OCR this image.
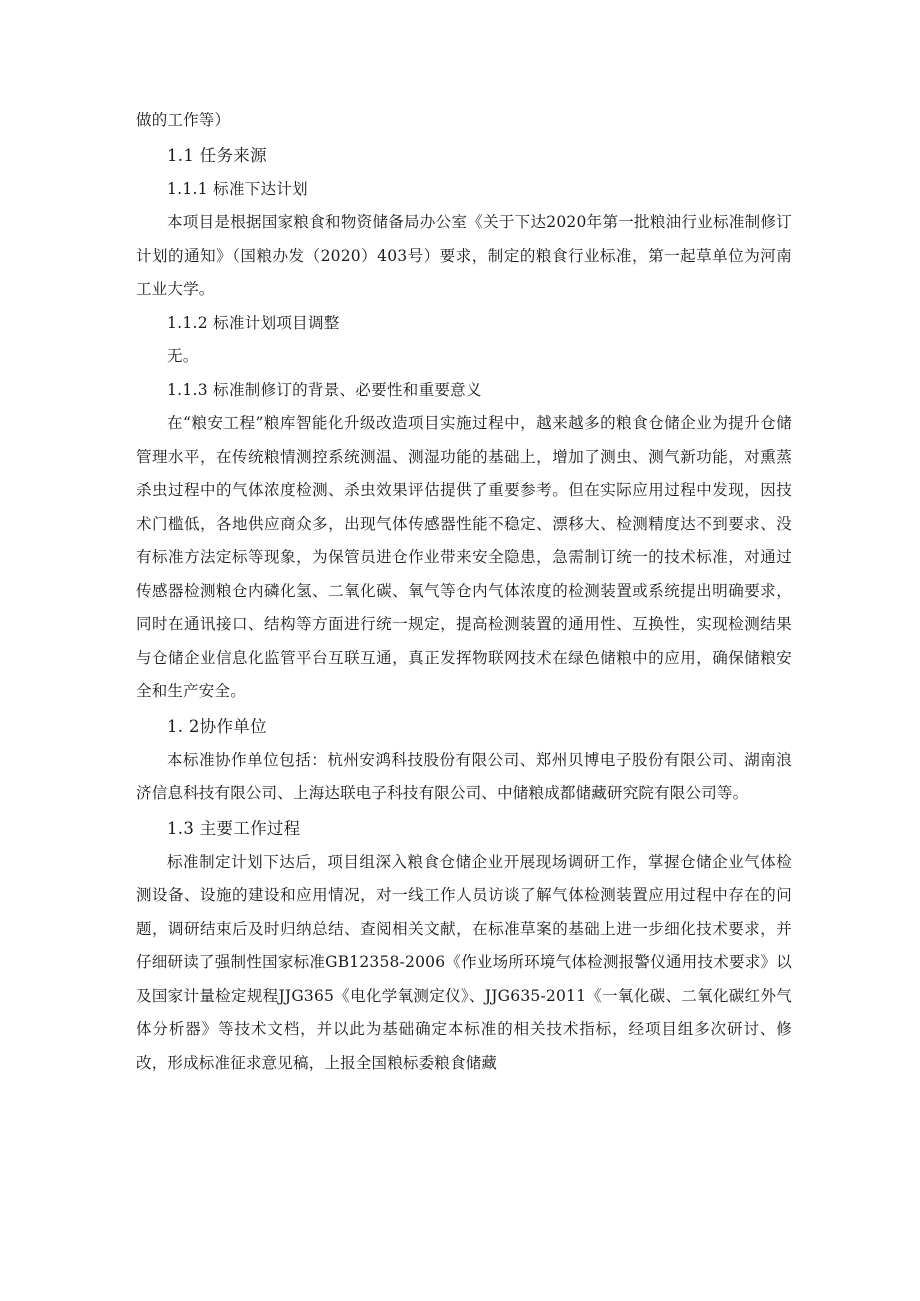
做的工作等）

1.1 任务来源

1.1.1 标准下达计划

本项目是根据国家粮食和物资储备局办公室《关于下达2020年第一批粮油行业标准制修订计划的通知》（国粮办发（2020）403号）要求，制定的粮食行业标准，第一起草单位为河南工业大学。

1.1.2 标准计划项目调整

无。

1.1.3 标准制修订的背景、必要性和重要意义

在“粮安工程”粮库智能化升级改造项目实施过程中，越来越多的粮食仓储企业为提升仓储管理水平，在传统粮情测控系统测温、测湿功能的基础上，增加了测虫、测气新功能，对熏蒸杀虫过程中的气体浓度检测、杀虫效果评估提供了重要参考。但在实际应用过程中发现，因技术门槛低，各地供应商众多，出现气体传感器性能不稳定、漂移大、检测精度达不到要求、没有标准方法定标等现象，为保管员进仓作业带来安全隐患，急需制订统一的技术标准，对通过传感器检测粮仓内磷化氢、二氧化碳、氧气等仓内气体浓度的检测装置或系统提出明确要求，同时在通讯接口、结构等方面进行统一规定，提高检测装置的通用性、互换性，实现检测结果与仓储企业信息化监管平台互联互通，真正发挥物联网技术在绿色储粮中的应用，确保储粮安全和生产安全。

1. 2协作单位

本标准协作单位包括：杭州安鸿科技股份有限公司、郑州贝博电子股份有限公司、湖南浪济信息科技有限公司、上海达联电子科技有限公司、中储粮成都储藏研究院有限公司等。

1.3 主要工作过程

标准制定计划下达后，项目组深入粮食仓储企业开展现场调研工作，掌握仓储企业气体检测设备、设施的建设和应用情况，对一线工作人员访谈了解气体检测装置应用过程中存在的问题，调研结束后及时归纳总结、查阅相关文献，在标准草案的基础上进一步细化技术要求，并仔细研读了强制性国家标准GB12358-2006《作业场所环境气体检测报警仪通用技术要求》以及国家计量检定规程JJG365《电化学氧测定仪》、JJG635-2011《一氧化碳、二氧化碳红外气体分析器》等技术文档，并以此为基础确定本标准的相关技术指标，经项目组多次研讨、修改，形成标准征求意见稿，上报全国粮标委粮食储藏
